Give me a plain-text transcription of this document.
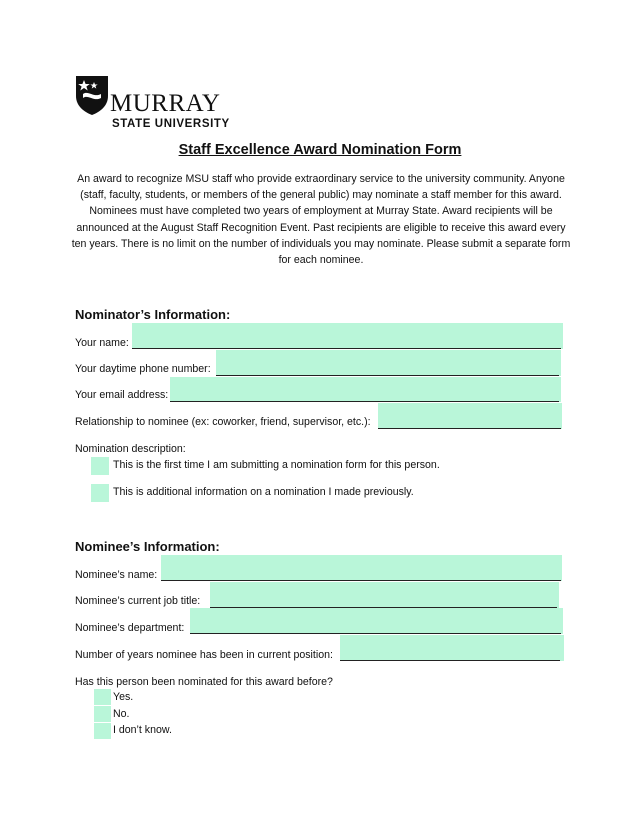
MURRAY
STATE UNIVERSITY
Staff Excellence Award Nomination Form
An award to recognize MSU staff who provide extraordinary service to the university community. Anyone (staff, faculty, students, or members of the general public) may nominate a staff member for this award. Nominees must have completed two years of employment at Murray State. Award recipients will be announced at the August Staff Recognition Event. Past recipients are eligible to receive this award every ten years. There is no limit on the number of individuals you may nominate. Please submit a separate form for each nominee.
Nominator’s Information:
Your name:
Your daytime phone number:
Your email address:
Relationship to nominee (ex: coworker, friend, supervisor, etc.):
Nomination description:
This is the first time I am submitting a nomination form for this person.
This is additional information on a nomination I made previously.
Nominee’s Information:
Nominee’s name:
Nominee’s current job title:
Nominee’s department:
Number of years nominee has been in current position:
Has this person been nominated for this award before?
Yes.
No.
I don’t know.
